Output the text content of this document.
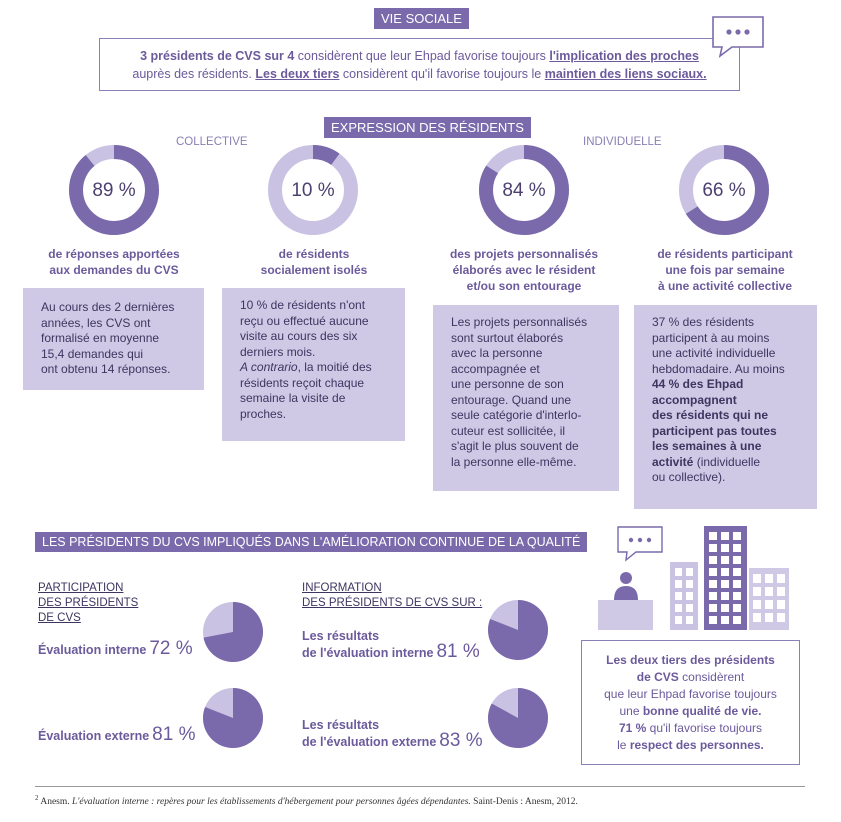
VIE SOCIALE
3 présidents de CVS sur 4 considèrent que leur Ehpad favorise toujours l'implication des proches
auprès des résidents. Les deux tiers considèrent qu'il favorise toujours le maintien des liens sociaux.
EXPRESSION DES RÉSIDENTS
COLLECTIVE	INDIVIDUELLE
89 %	10 %	84 %	66 %
de réponses apportées
aux demandes du CVS
de résidents
socialement isolés
des projets personnalisés
élaborés avec le résident
et/ou son entourage
de résidents participant
une fois par semaine
à une activité collective
Au cours des 2 dernières
années, les CVS ont
formalisé en moyenne
15,4 demandes qui
ont obtenu 14 réponses.
10 % de résidents n'ont
reçu ou effectué aucune
visite au cours des six
derniers mois.
A contrario, la moitié des
résidents reçoit chaque
semaine la visite de
proches.
Les projets personnalisés
sont surtout élaborés
avec la personne
accompagnée et
une personne de son
entourage. Quand une
seule catégorie d'interlo-
cuteur est sollicitée, il
s'agit le plus souvent de
la personne elle-même.
37 % des résidents
participent à au moins
une activité individuelle
hebdomadaire. Au moins
44 % des Ehpad
accompagnent
des résidents qui ne
participent pas toutes
les semaines à une
activité (individuelle
ou collective).
LES PRÉSIDENTS DU CVS IMPLIQUÉS DANS L'AMÉLIORATION CONTINUE DE LA QUALITÉ
PARTICIPATION
DES PRÉSIDENTS
DE CVS
INFORMATION
DES PRÉSIDENTS DE CVS SUR :
Évaluation interne 72 %
Évaluation externe 81 %
Les résultats
de l'évaluation interne 81 %
Les résultats
de l'évaluation externe 83 %
Les deux tiers des présidents
de CVS considèrent
que leur Ehpad favorise toujours
une bonne qualité de vie.
71 % qu'il favorise toujours
le respect des personnes.
$^2$ Anesm. L'évaluation interne : repères pour les établissements d'hébergement pour personnes âgées dépendantes. Saint-Denis : Anesm, 2012.
